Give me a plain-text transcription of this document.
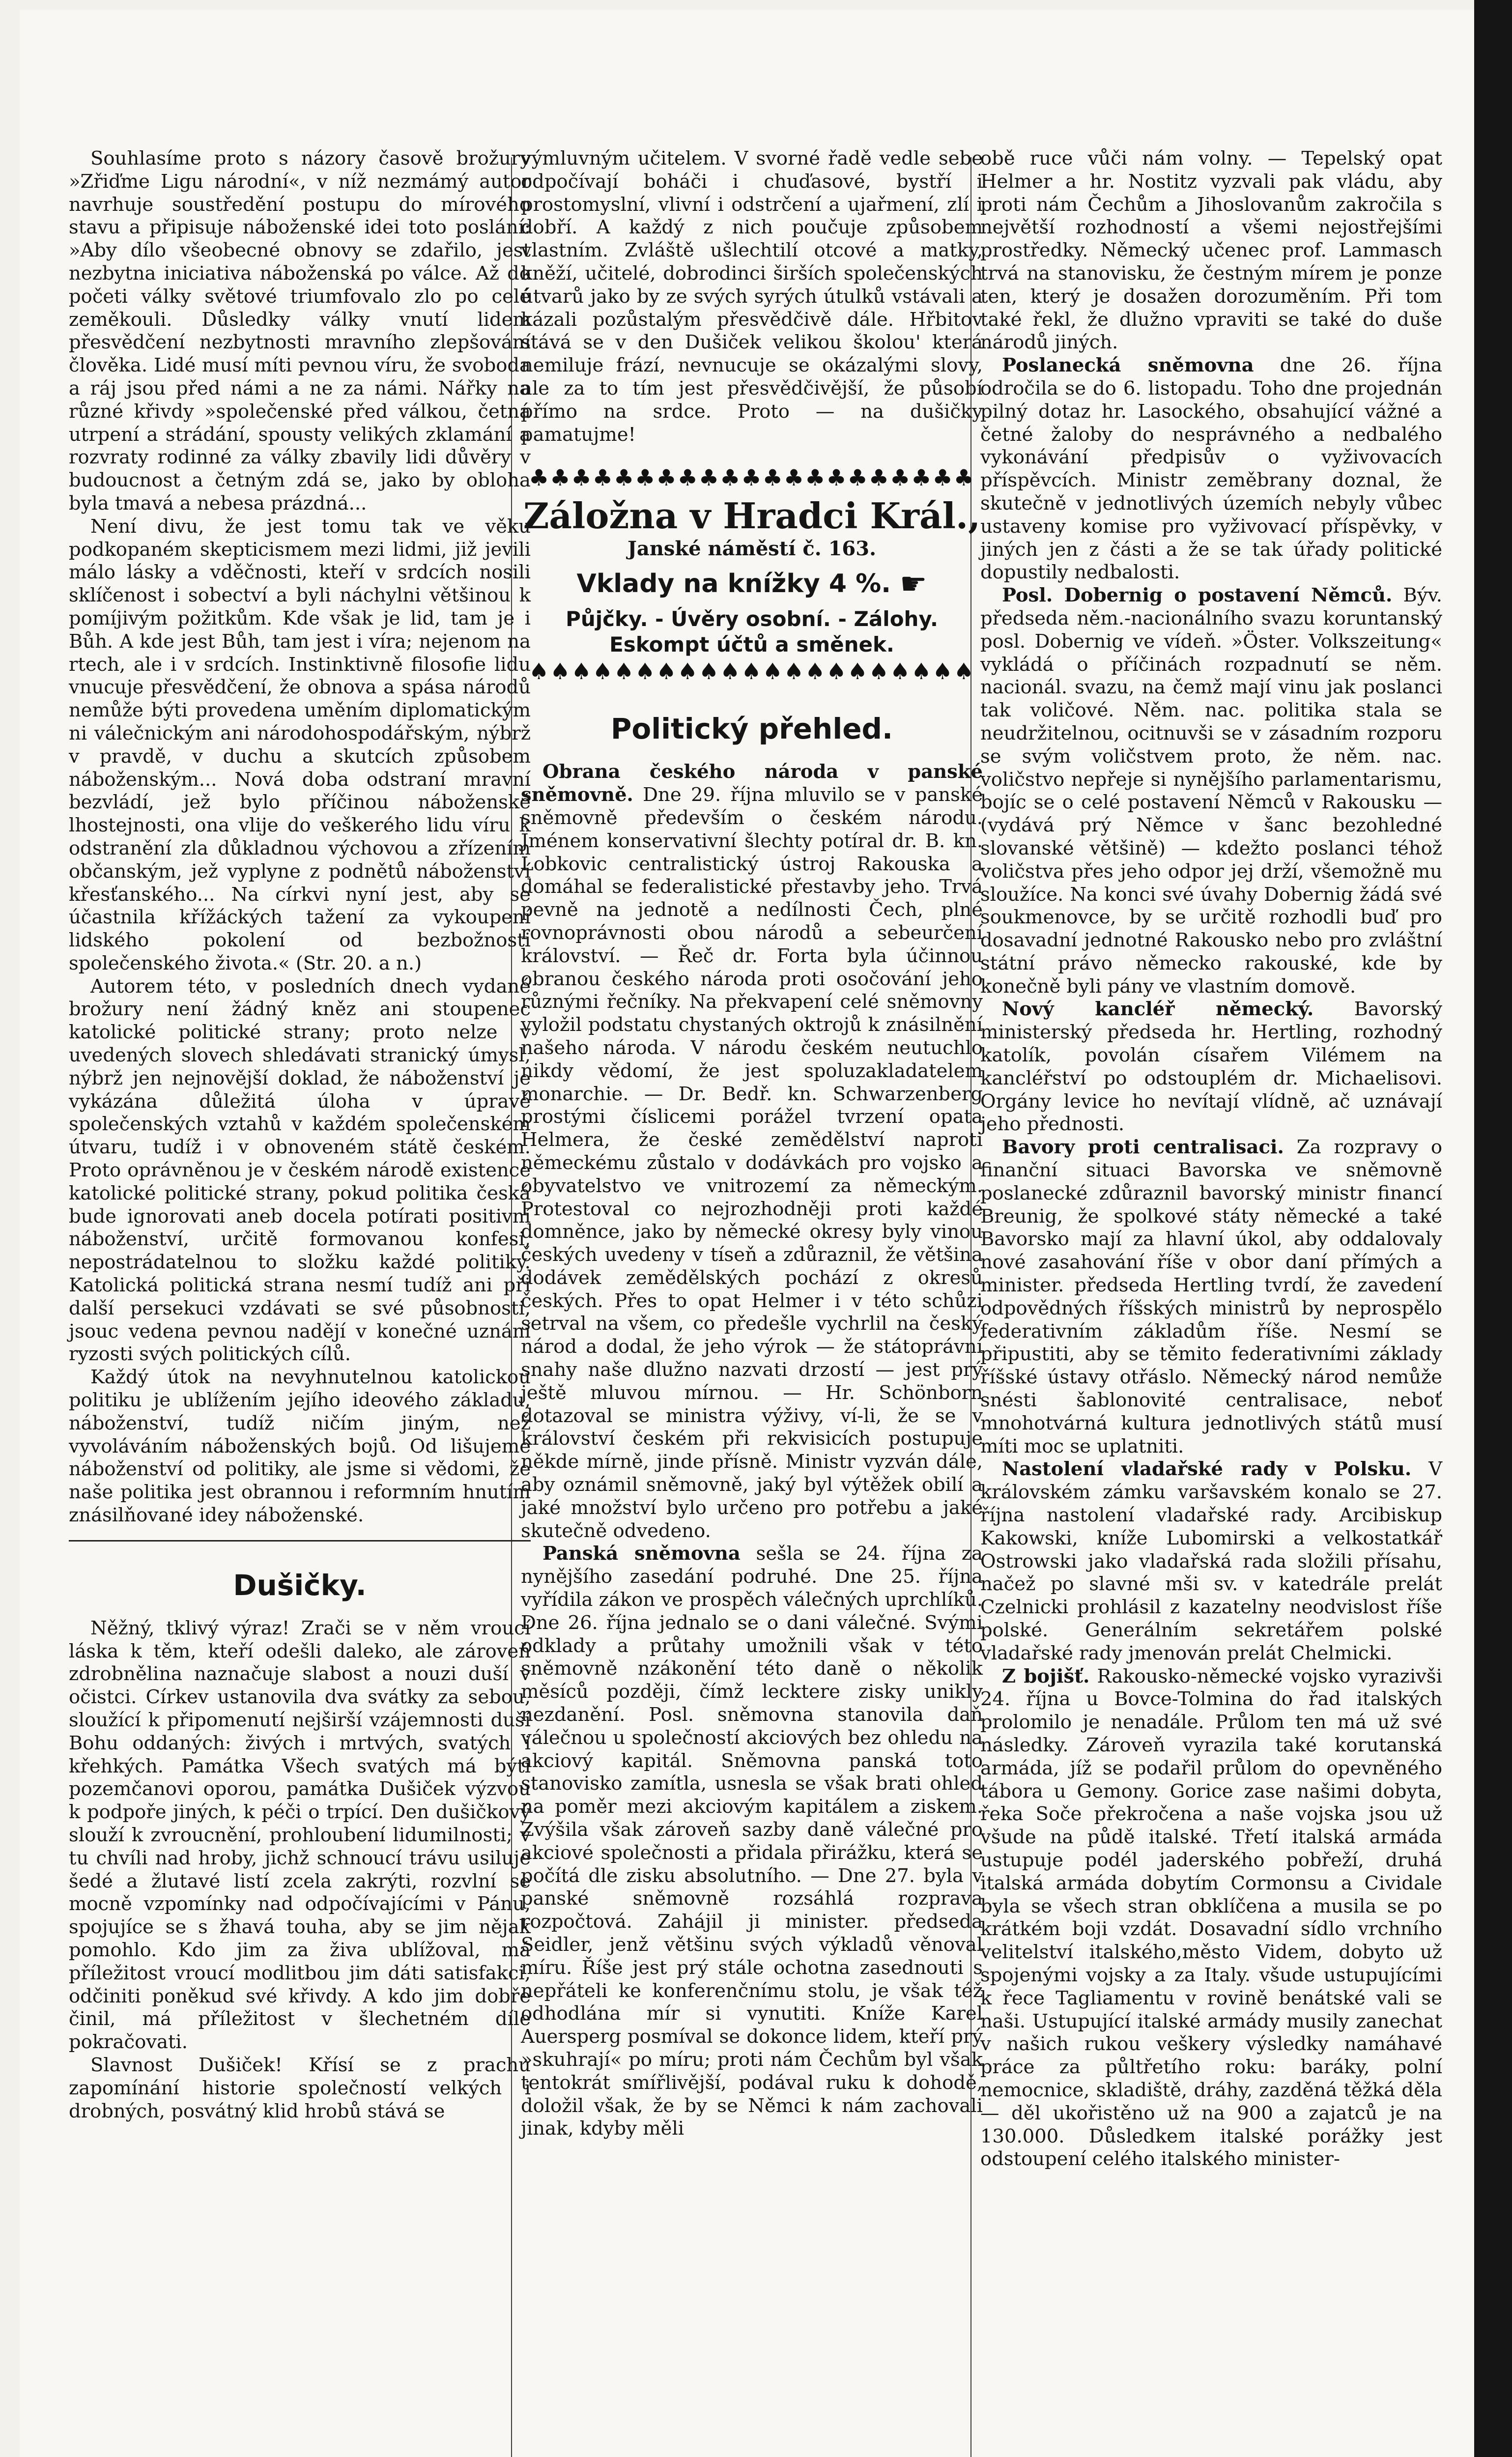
Souhlasíme proto s názory časově brožury »Zřiďme Ligu národní«, v níž nezmámý autor navrhuje soustředění postupu do mírového stavu a připisuje náboženské idei toto poslání: »Aby dílo všeobecné obnovy se zdařilo, jest nezbytna iniciativa náboženská po válce. Až do početi války světové triumfovalo zlo po celé zeměkouli. Důsledky války vnutí lidem přesvědčení nezbytnosti mravního zlepšování člověka. Lidé musí míti pevnou víru, že svoboda a ráj jsou před námi a ne za námi. Nářky na různé křivdy »společenské před válkou, četná utrpení a strádání, spousty velikých zklamání a rozvraty rodinné za války zbavily lidi důvěry v budoucnost a četným zdá se, jako by obloha byla tmavá a nebesa prázdná...

Není divu, že jest tomu tak ve věku podkopaném skepticismem mezi lidmi, již jevili málo lásky a vděčnosti, kteří v srdcích nosili sklíčenost i sobectví a byli náchylni většinou k pomíjivým požitkům. Kde však je lid, tam je i Bůh. A kde jest Bůh, tam jest i víra; nejenom na rtech, ale i v srdcích. Instinktivně filosofie lidu vnucuje přesvědčení, že obnova a spása národů nemůže býti provedena uměním diplomatickým ni válečnickým ani národohospodářským, nýbrž v pravdě, v duchu a skutcích způsobem náboženským... Nová doba odstraní mravní bezvládí, jež bylo příčinou náboženské lhostejnosti, ona vlije do veškerého lidu víru k odstranění zla důkladnou výchovou a zřízením občanským, jež vyplyne z podnětů náboženství křesťanského... Na církvi nyní jest, aby se účastnila křížáckých tažení za vykoupení lidského pokolení od bezbožnosti společenského života.« (Str. 20. a n.)

Autorem této, v posledních dnech vydané brožury není žádný kněz ani stoupenec katolické politické strany; proto nelze v uvedených slovech shledávati stranický úmysl, nýbrž jen nejnovější doklad, že náboženství je vykázána důležitá úloha v úpravě společenských vztahů v každém společenském útvaru, tudíž i v obnoveném státě českém. Proto oprávněnou je v českém národě existence katolické politické strany, pokud politika česká bude ignorovati aneb docela potírati positivní náboženství, určitě formovanou konfesi, nepostrádatelnou to složku každé politiky. Katolická politická strana nesmí tudíž ani při další persekuci vzdávati se své působnosti, jsouc vedena pevnou nadějí v konečné uznání ryzosti svých politických cílů.

Každý útok na nevyhnutelnou katolickou politiku je ublížením jejího ideového základu, náboženství, tudíž ničím jiným, než vyvoláváním náboženských bojů. Od lišujeme náboženství od politiky, ale jsme si vědomi, že naše politika jest obrannou i reformním hnutím znásilňované idey náboženské.

Dušičky.

Něžný, tklivý výraz! Zrači se v něm vroucí láska k těm, kteří odešli daleko, ale zároveň zdrobnělina naznačuje slabost a nouzi duší v očistci. Církev ustanovila dva svátky za sebou, sloužící k připomenutí nejširší vzájemnosti duší Bohu oddaných: živých i mrtvých, svatých i křehkých. Památka Všech svatých má býti pozemčanovi oporou, památka Dušiček výzvou k podpoře jiných, k péči o trpící. Den dušičkový slouží k zvroucnění, prohloubení lidumilnosti; v tu chvíli nad hroby, jichž schnoucí trávu usiluje šedé a žlutavé listí zcela zakrýti, rozvlní se mocně vzpomínky nad odpočívajícími v Pánu, spojujíce se s žhavá touha, aby se jim nějak pomohlo. Kdo jim za živa ublížoval, má příležitost vroucí modlitbou jim dáti satisfakci, odčiniti poněkud své křivdy. A kdo jim dobře činil, má příležitost v šlechetném díle pokračovati.

Slavnost Dušiček! Křísí se z prachu zapomínání historie společností velkých i drobných, posvátný klid hrobů stává se

výmluvným učitelem. V svorné řadě vedle sebe odpočívají boháči i chuďasové, bystří i prostomyslní, vlivní i odstrčení a ujařmení, zlí i dobří. A každý z nich poučuje způsobem vlastním. Zvláště ušlechtilí otcové a matky, kněží, učitelé, dobrodinci širších společenských útvarů jako by ze svých syrých útulků vstávali a kázali pozůstalým přesvědčivě dále. Hřbitov stává se v den Dušiček velikou školou' která nemiluje frází, nevnucuje se okázalými slovy, ale za to tím jest přesvědčivější, že působí přímo na srdce. Proto — na dušičky pamatujme!

♣♣♣♣♣♣♣♣♣♣♣♣♣♣♣♣♣♣♣♣♣
Záložna v Hradci Král.,
Janské náměstí č. 163.
Vklady na knížky 4 %. ☛
Půjčky. - Úvěry osobní. - Zálohy.
Eskompt účtů a směnek.
♠♠♠♠♠♠♠♠♠♠♠♠♠♠♠♠♠♠♠♠♠
Politický přehled.

Obrana českého národa v panské sněmovně. Dne 29. října mluvilo se v panské sněmovně především o českém národu. Jménem konservativní šlechty potíral dr. B. kn. Lobkovic centralistický ústroj Rakouska a domáhal se federalistické přestavby jeho. Trvá pevně na jednotě a nedílnosti Čech, plné rovnoprávnosti obou národů a sebeurčení království. — Řeč dr. Forta byla účinnou obranou českého národa proti osočování jeho různými řečníky. Na překvapení celé sněmovny vyložil podstatu chystaných oktrojů k znásilnění našeho národa. V národu českém neutuchlo nikdy vědomí, že jest spoluzakladatelem monarchie. — Dr. Bedř. kn. Schwarzenberg prostými číslicemi porážel tvrzení opata Helmera, že české zemědělství naproti německému zůstalo v dodávkách pro vojsko a obyvatelstvo ve vnitrozemí za německým. Protestoval co nejrozhodněji proti každé domněnce, jako by německé okresy byly vinou českých uvedeny v tíseň a zdůraznil, že většina dodávek zemědělských pochází z okresů českých. Přes to opat Helmer i v této schůzi setrval na všem, co předešle vychrlil na český národ a dodal, že jeho výrok — že státoprávní snahy naše dlužno nazvati drzostí — jest prý ještě mluvou mírnou. — Hr. Schönborn dotazoval se ministra výživy, ví-li, že se v království českém při rekvisicích postupuje někde mírně, jinde přísně. Ministr vyzván dále, aby oznámil sněmovně, jaký byl výtěžek obilí a jaké množství bylo určeno pro potřebu a jaké skutečně odvedeno.

Panská sněmovna sešla se 24. října za nynějšího zasedání podruhé. Dne 25. října vyřídila zákon ve prospěch válečných uprchlíků. Dne 26. října jednalo se o dani válečné. Svými odklady a průtahy umožnili však v této sněmovně nzákonění této daně o několik měsíců později, čímž lecktere zisky unikly nezdanění. Posl. sněmovna stanovila daň válečnou u společností akciových bez ohledu na akciový kapitál. Sněmovna panská toto stanovisko zamítla, usnesla se však brati ohled na poměr mezi akciovým kapitálem a ziskem. Zvýšila však zároveň sazby daně válečné pro akciové společnosti a přidala přirážku, která se počítá dle zisku absolutního. — Dne 27. byla v panské sněmovně rozsáhlá rozprava rozpočtová. Zahájil ji minister. předseda Seidler, jenž většinu svých výkladů věnoval míru. Říše jest prý stále ochotna zasednouti s nepřáteli ke konferenčnímu stolu, je však též odhodlána mír si vynutiti. Kníže Karel Auersperg posmíval se dokonce lidem, kteří prý »skuhrají« po míru; proti nám Čechům byl však tentokrát smířlivější, podával ruku k dohodě, doložil však, že by se Němci k nám zachovali jinak, kdyby měli

obě ruce vůči nám volny. — Tepelský opat Helmer a hr. Nostitz vyzvali pak vládu, aby proti nám Čechům a Jihoslovanům zakročila s největší rozhodností a všemi nejostřejšími prostředky. Německý učenec prof. Lammasch trvá na stanovisku, že čestným mírem je ponze ten, který je dosažen dorozuměním. Při tom také řekl, že dlužno vpraviti se také do duše národů jiných.

Poslanecká sněmovna dne 26. října odročila se do 6. listopadu. Toho dne projednán pilný dotaz hr. Lasockého, obsahující vážné a četné žaloby do nesprávného a nedbalého vykonávání předpisův o vyživovacích příspěvcích. Ministr zeměbrany doznal, že skutečně v jednotlivých územích nebyly vůbec ustaveny komise pro vyživovací příspěvky, v jiných jen z části a že se tak úřady politické dopustily nedbalosti.

Posl. Dobernig o postavení Němců. Býv. předseda něm.-nacionálního svazu koruntanský posl. Dobernig ve vídeň. »Öster. Volkszeitung« vykládá o příčinách rozpadnutí se něm. nacionál. svazu, na čemž mají vinu jak poslanci tak voličové. Něm. nac. politika stala se neudržitelnou, ocitnuvši se v zásadním rozporu se svým voličstvem proto, že něm. nac. voličstvo nepřeje si nynějšího parlamentarismu, bojíc se o celé postavení Němců v Rakousku — (vydává prý Němce v šanc bezohledné slovanské většině) — kdežto poslanci téhož voličstva přes jeho odpor jej drží, všemožně mu sloužíce. Na konci své úvahy Dobernig žádá své soukmenovce, by se určitě rozhodli buď pro dosavadní jednotné Rakousko nebo pro zvláštní státní právo německo rakouské, kde by konečně byli pány ve vlastním domově.

Nový kancléř německý. Bavorský ministerský předseda hr. Hertling, rozhodný katolík, povolán císařem Vilémem na kancléřství po odstouplém dr. Michaelisovi. Orgány levice ho nevítají vlídně, ač uznávají jeho přednosti.

Bavory proti centralisaci. Za rozpravy o finanční situaci Bavorska ve sněmovně poslanecké zdůraznil bavorský ministr financí Breunig, že spolkové státy německé a také Bavorsko mají za hlavní úkol, aby oddalovaly nové zasahování říše v obor daní přímých a minister. předseda Hertling tvrdí, že zavedení odpovědných říšských ministrů by neprospělo federativním základům říše. Nesmí se připustiti, aby se těmito federativními základy říšské ústavy otřáslo. Německý národ nemůže snésti šablonovité centralisace, neboť mnohotvárná kultura jednotlivých států musí míti moc se uplatniti.

Nastolení vladařské rady v Polsku. V královském zámku varšavském konalo se 27. října nastolení vladařské rady. Arcibiskup Kakowski, kníže Lubomirski a velkostatkář Ostrowski jako vladařská rada složili přísahu, načež po slavné mši sv. v katedrále prelát Czelnicki prohlásil z kazatelny neodvislost říše polské. Generálním sekretářem polské vladařské rady jmenován prelát Chelmicki.

Z bojišť. Rakousko-německé vojsko vyrazivši 24. října u Bovce-Tolmina do řad italských prolomilo je nenadále. Průlom ten má už své následky. Zároveň vyrazila také korutanská armáda, jíž se podařil průlom do opevněného tábora u Gemony. Gorice zase našimi dobyta, řeka Soče překročena a naše vojska jsou už všude na půdě italské. Třetí italská armáda ustupuje podél jaderského pobřeží, druhá italská armáda dobytím Cormonsu a Cividale byla se všech stran obklíčena a musila se po krátkém boji vzdát. Dosavadní sídlo vrchního velitelství italského,město Videm, dobyto už spojenými vojsky a za Italy. všude ustupujícími k řece Tagliamentu v rovině benátské vali se naši. Ustupující italské armády musily zanechat v našich rukou veškery výsledky namáhavé práce za půltřetího roku: baráky, polní nemocnice, skladiště, dráhy, zazděná těžká děla — děl ukořistěno už na 900 a zajatců je na 130.000. Důsledkem italské porážky jest odstoupení celého italského minister-
